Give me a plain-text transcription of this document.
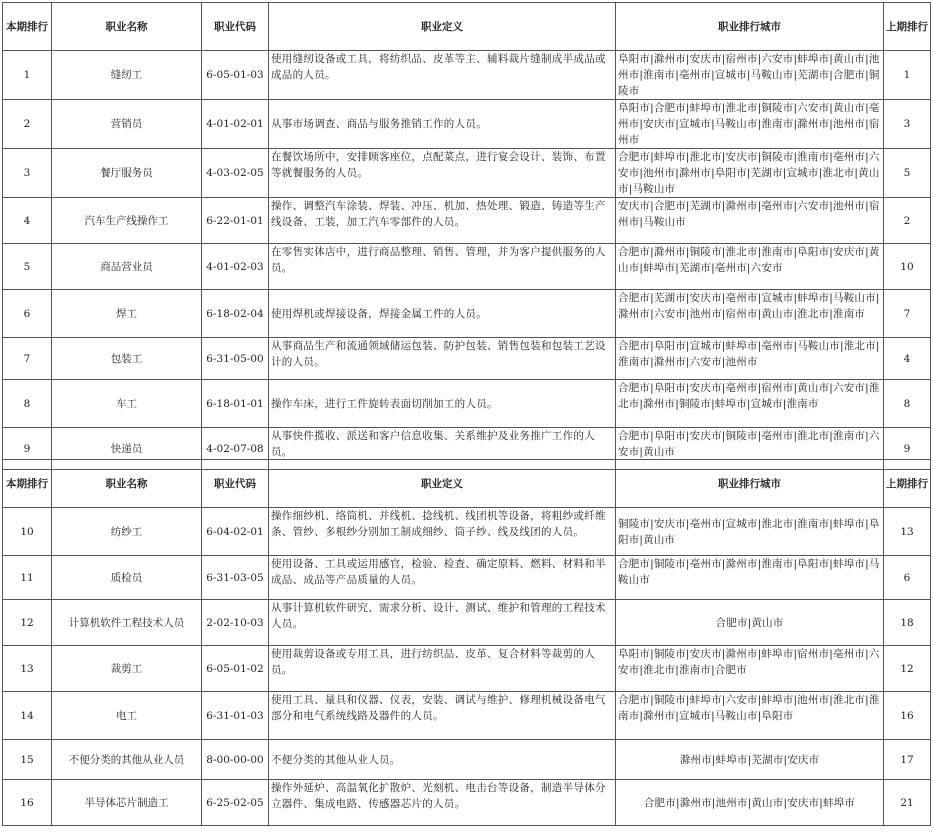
本期排行	职业名称	职业代码	职业定义	职业排行城市	上期排行
1	缝纫工	6-05-01-03	使用缝纫设备或工具，将纺织品、皮革等主、辅料裁片缝制成半成品或成品的人员。	阜阳市|滁州市|安庆市|宿州市|六安市|蚌埠市|黄山市|池州市|淮南市|亳州市|宣城市|马鞍山市|芜湖市|合肥市|铜陵市	1
2	营销员	4-01-02-01	从事市场调查、商品与服务推销工作的人员。	阜阳市|合肥市|蚌埠市|淮北市|铜陵市|六安市|黄山市|亳州市|安庆市|宣城市|马鞍山市|淮南市|滁州市|池州市|宿州市	3
3	餐厅服务员	4-03-02-05	在餐饮场所中，安排顾客座位，点配菜点，进行宴会设计、装饰、布置等就餐服务的人员。	合肥市|蚌埠市|淮北市|安庆市|铜陵市|淮南市|亳州市|六安市|池州市|滁州市|阜阳市|芜湖市|宣城市|淮北市|黄山市|马鞍山市	5
4	汽车生产线操作工	6-22-01-01	操作、调整汽车涂装、焊装、冲压、机加、热处理、锻造、铸造等生产线设备、工装，加工汽车零部件的人员。	安庆市|合肥市|芜湖市|滁州市|亳州市|六安市|池州市|宿州市|马鞍山市	2
5	商品营业员	4-01-02-03	在零售实体店中，进行商品整理、销售、管理，并为客户提供服务的人员。	合肥市|滁州市|铜陵市|淮北市|淮南市|阜阳市|安庆市|黄山市|蚌埠市|芜湖市|亳州市|六安市	10
6	焊工	6-18-02-04	使用焊机或焊接设备，焊接金属工件的人员。	合肥市|芜湖市|安庆市|亳州市|宣城市|蚌埠市|马鞍山市|滁州市|六安市|池州市|宿州市|黄山市|淮北市|淮南市	7
7	包装工	6-31-05-00	从事商品生产和流通领域储运包装、防护包装、销售包装和包装工艺设计的人员。	合肥市|阜阳市|宣城市|蚌埠市|亳州市|马鞍山市|淮北市|淮南市|滁州市|六安市|池州市	4
8	车工	6-18-01-01	操作车床，进行工件旋转表面切削加工的人员。	合肥市|阜阳市|安庆市|亳州市|宿州市|黄山市|六安市|淮北市|滁州市|铜陵市|蚌埠市|宣城市|淮南市	8
9	快递员	4-02-07-08	从事快件揽收、派送和客户信息收集、关系维护及业务推广工作的人员。	合肥市|阜阳市|安庆市|铜陵市|亳州市|淮北市|淮南市|六安市|黄山市	9
本期排行	职业名称	职业代码	职业定义	职业排行城市	上期排行
10	纺纱工	6-04-02-01	操作细纱机、络筒机、并线机、捻线机、线团机等设备，将粗纱或纤维条、管纱、多根纱分别加工制成细纱、筒子纱、线及线团的人员。	铜陵市|安庆市|亳州市|宣城市|淮北市|淮南市|蚌埠市|阜阳市|黄山市	13
11	质检员	6-31-03-05	使用设备、工具或运用感官，检验、检查、确定原料、燃料、材料和半成品、成品等产品质量的人员。	合肥市|铜陵市|亳州市|滁州市|淮南市|阜阳市|蚌埠市|马鞍山市	6
12	计算机软件工程技术人员	2-02-10-03	从事计算机软件研究、需求分析、设计、测试、维护和管理的工程技术人员。	合肥市|黄山市	18
13	裁剪工	6-05-01-02	使用裁剪设备或专用工具，进行纺织品、皮革、复合材料等裁剪的人员。	阜阳市|铜陵市|安庆市|滁州市|蚌埠市|宿州市|亳州市|六安市|淮北市|淮南市|合肥市	12
14	电工	6-31-01-03	使用工具、量具和仪器、仪表，安装、调试与维护、修理机械设备电气部分和电气系统线路及器件的人员。	合肥市|铜陵市|蚌埠市|六安市|蚌埠市|池州市|淮北市|淮南市|滁州市|宣城市|马鞍山市|阜阳市	16
15	不便分类的其他从业人员	8-00-00-00	不便分类的其他从业人员。	滁州市|蚌埠市|芜湖市|安庆市	17
16	半导体芯片制造工	6-25-02-05	操作外延炉、高温氧化扩散炉、光刻机、电击台等设备，制造半导体分立器件、集成电路、传感器芯片的人员。	合肥市|滁州市|池州市|黄山市|安庆市|蚌埠市	21
